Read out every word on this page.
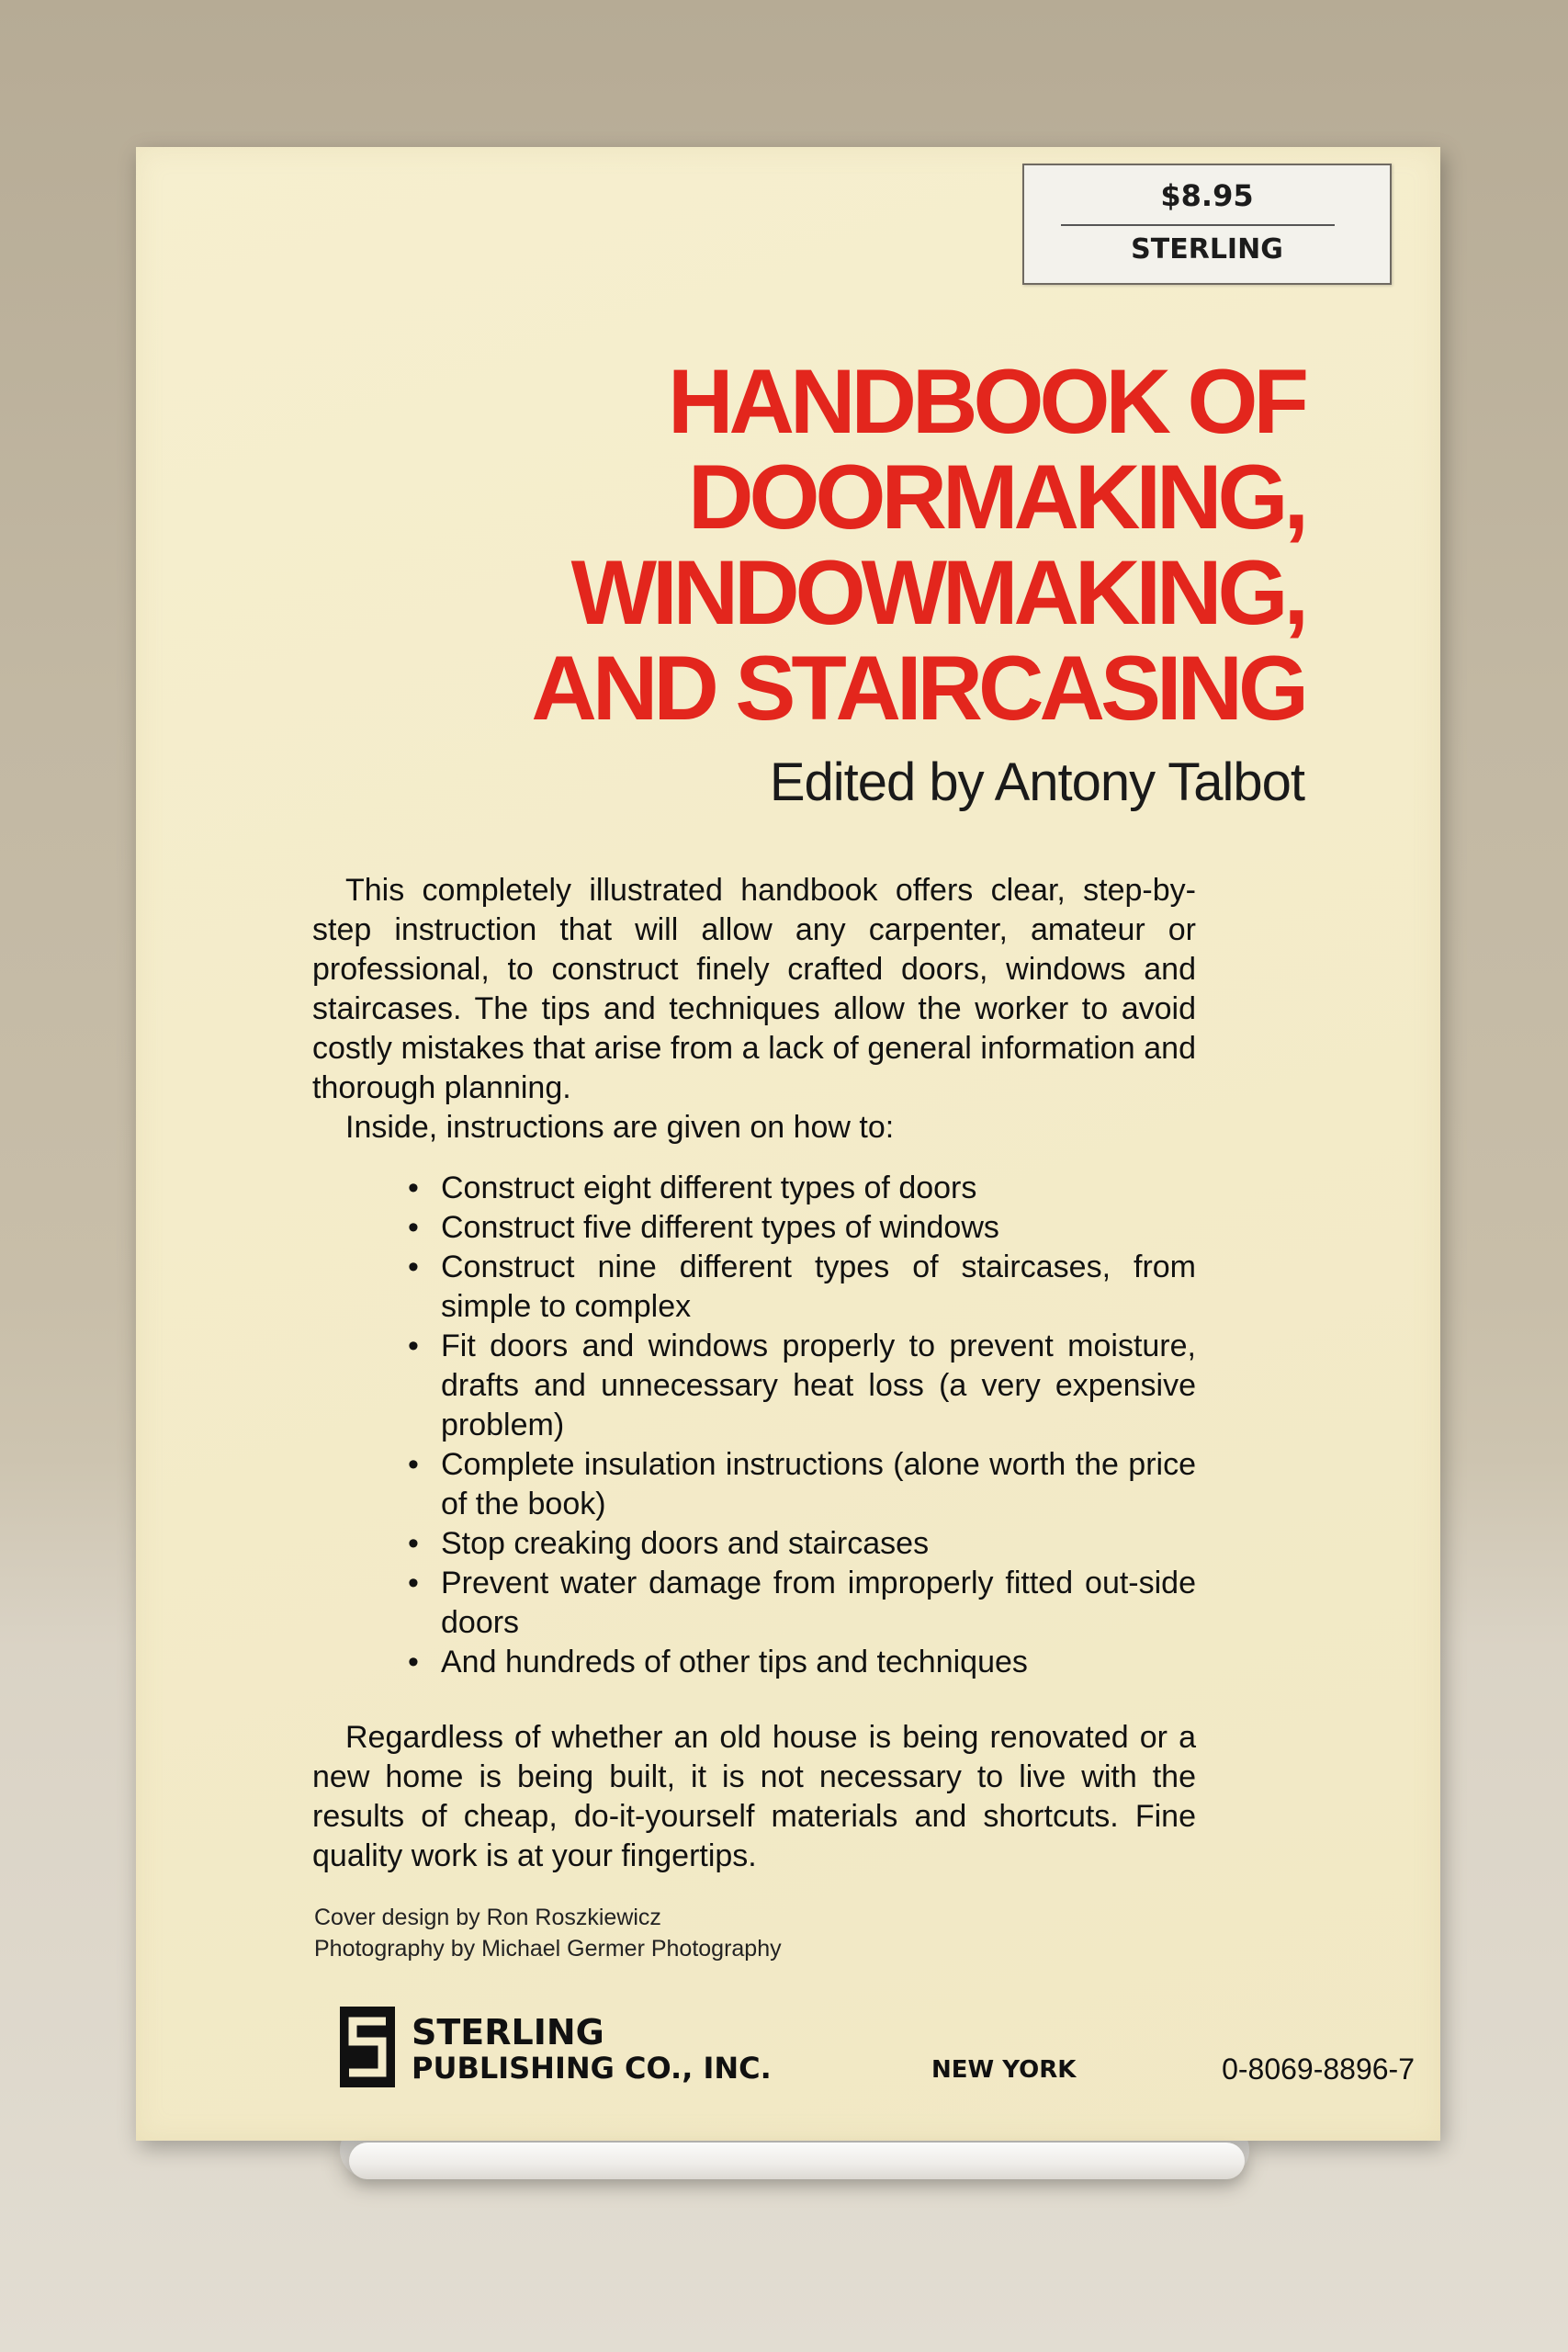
$8.95
STERLING
HANDBOOK OF
DOORMAKING,
WINDOWMAKING,
AND STAIRCASING
Edited by Antony Talbot

This completely illustrated handbook offers clear, step-by-step instruction that will allow any carpenter, amateur or professional, to construct finely crafted doors, windows and staircases. The tips and techniques allow the worker to avoid costly mistakes that arise from a lack of general information and thorough planning.

Inside, instructions are given on how to:
• Construct eight different types of doors
• Construct five different types of windows
• Construct nine different types of staircases, from simple to complex
• Fit doors and windows properly to prevent moisture, drafts and unnecessary heat loss (a very expensive problem)
• Complete insulation instructions (alone worth the price of the book)
• Stop creaking doors and staircases
• Prevent water damage from improperly fitted out-side doors
• And hundreds of other tips and techniques

Regardless of whether an old house is being renovated or a new home is being built, it is not necessary to live with the results of cheap, do-it-yourself materials and shortcuts. Fine quality work is at your fingertips.

Cover design by Ron Roszkiewicz
Photography by Michael Germer Photography
STERLING
PUBLISHING CO., INC.	NEW YORK	0-8069-8896-7
